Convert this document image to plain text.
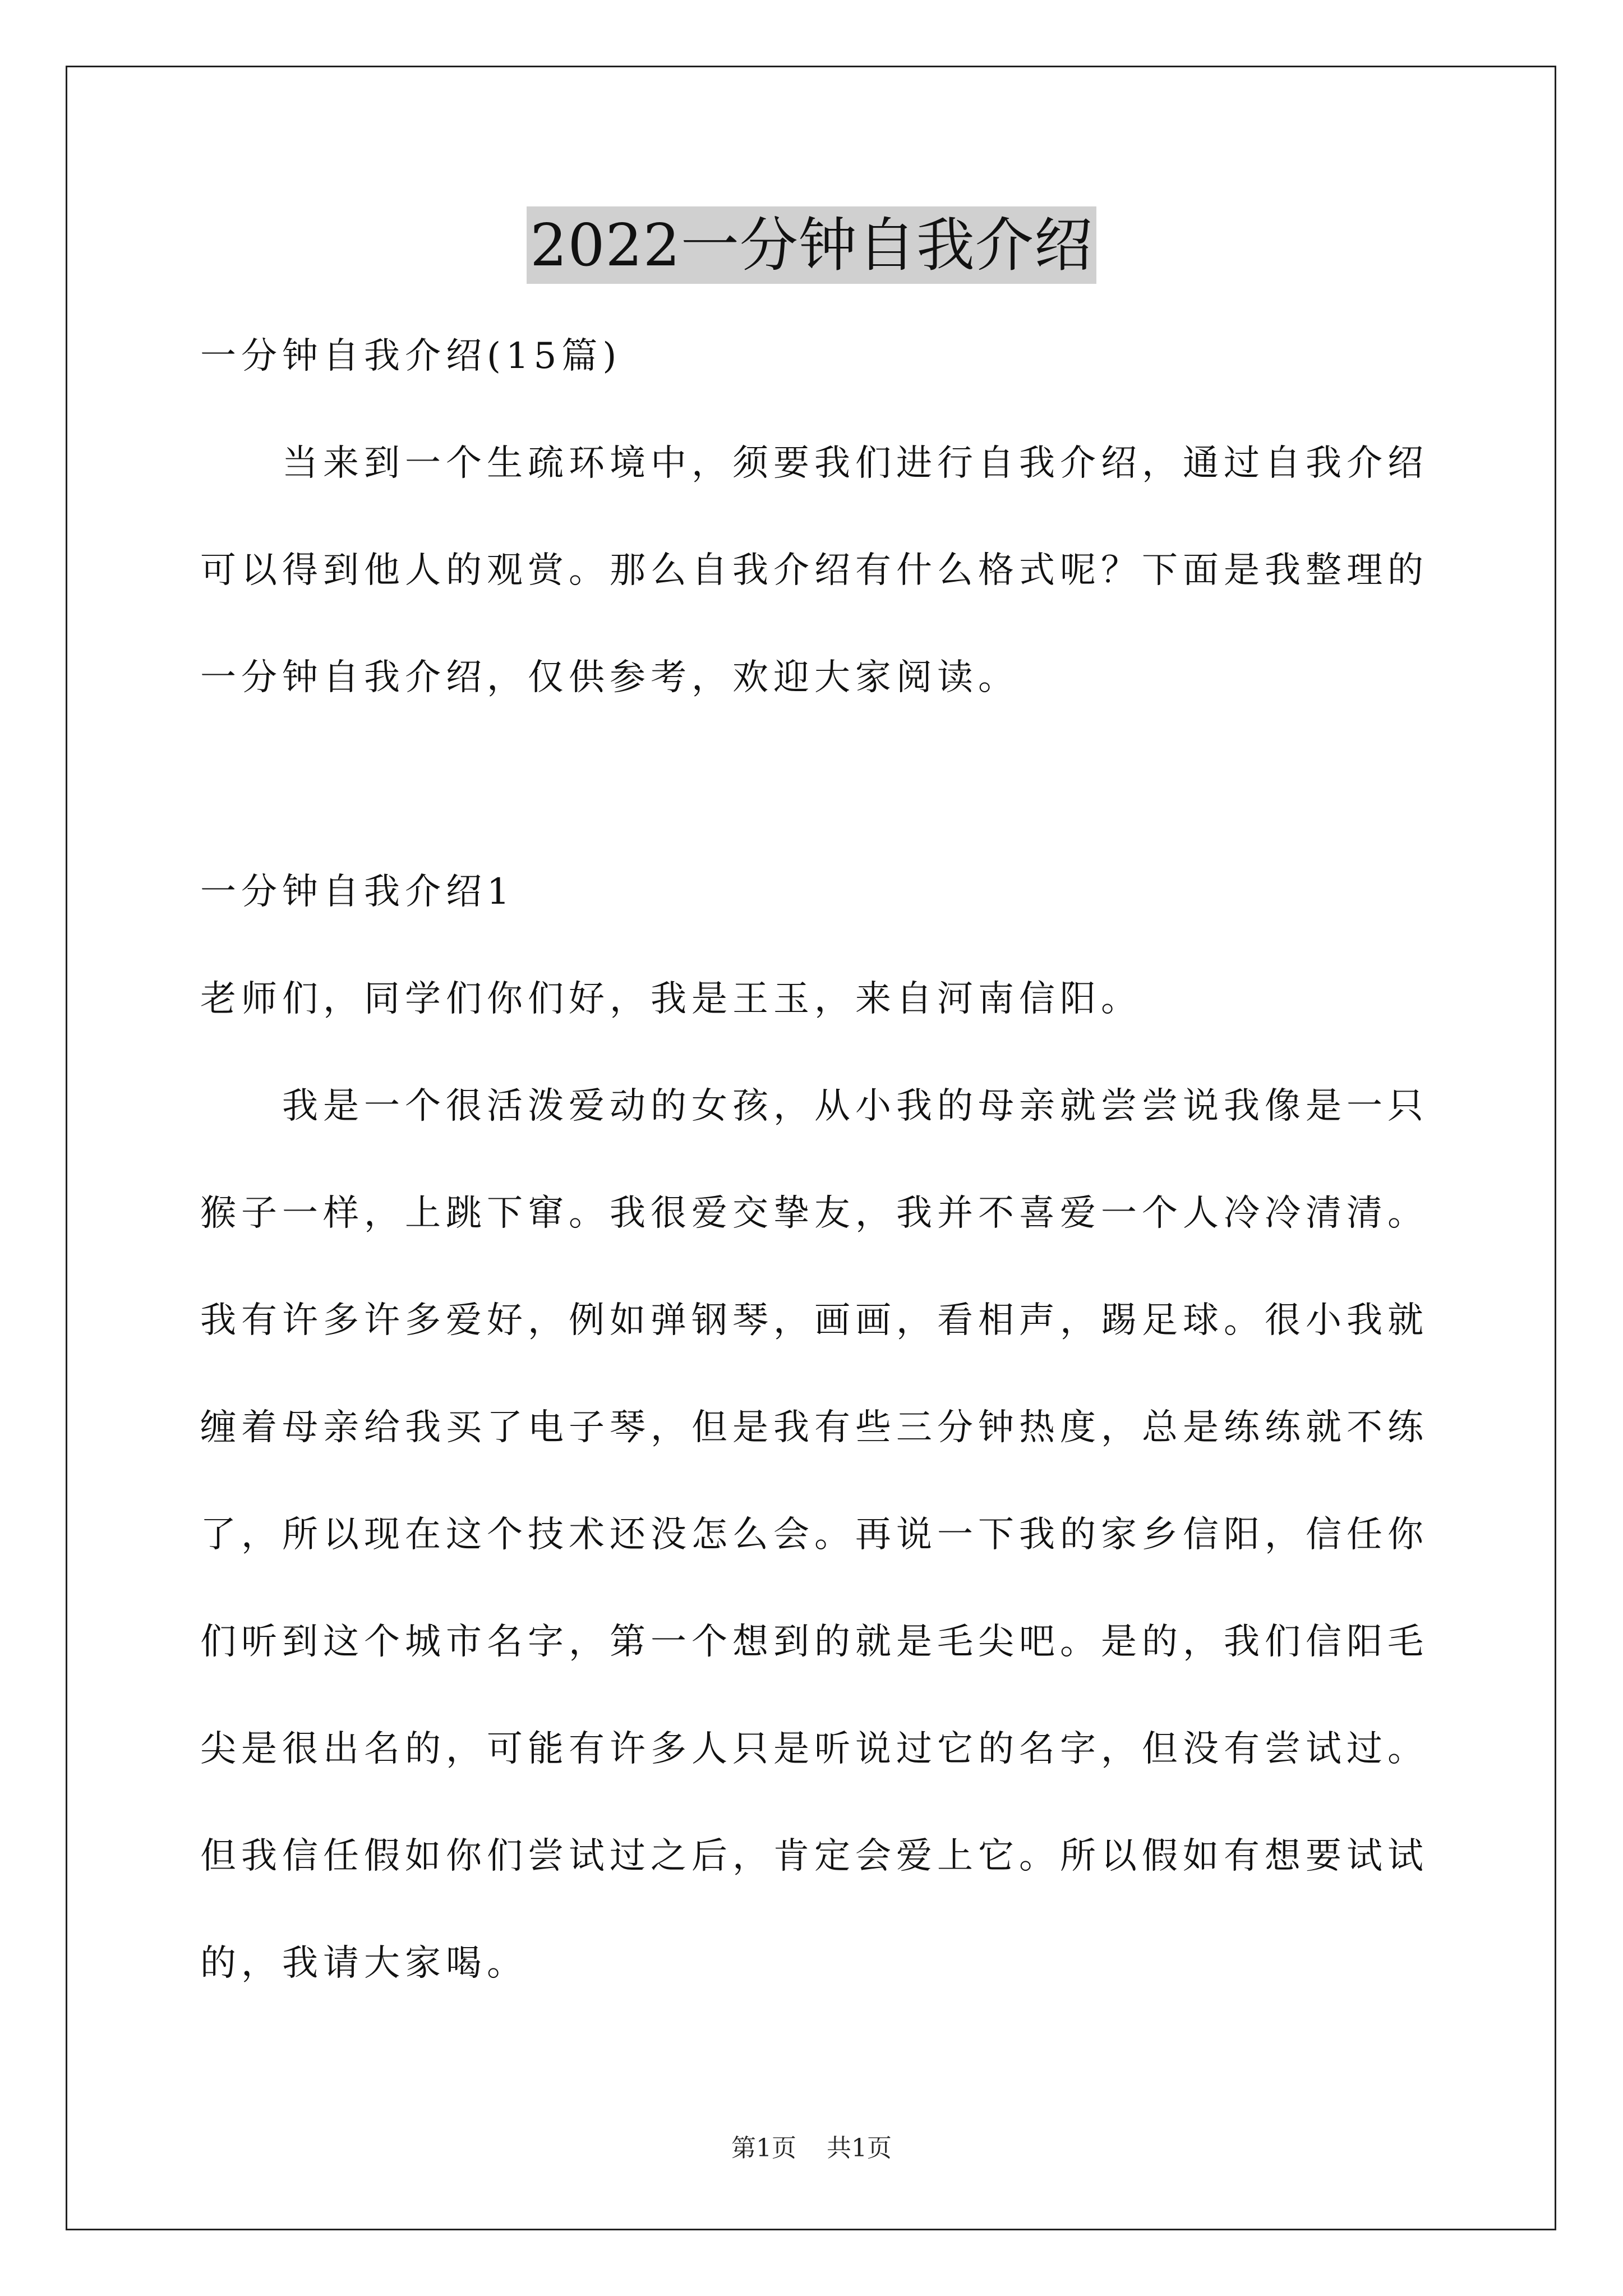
2022一分钟自我介绍

一分钟自我介绍(15篇)

当来到一个生疏环境中，须要我们进行自我介绍，通过自我介绍可以得到他人的观赏。那么自我介绍有什么格式呢？下面是我整理的一分钟自我介绍，仅供参考，欢迎大家阅读。

一分钟自我介绍1

老师们，同学们你们好，我是王玉，来自河南信阳。

我是一个很活泼爱动的女孩，从小我的母亲就尝尝说我像是一只猴子一样，上跳下窜。我很爱交挚友，我并不喜爱一个人冷冷清清。我有许多许多爱好，例如弹钢琴，画画，看相声，踢足球。很小我就缠着母亲给我买了电子琴，但是我有些三分钟热度，总是练练就不练了，所以现在这个技术还没怎么会。再说一下我的家乡信阳，信任你们听到这个城市名字，第一个想到的就是毛尖吧。是的，我们信阳毛尖是很出名的，可能有许多人只是听说过它的名字，但没有尝试过。但我信任假如你们尝试过之后，肯定会爱上它。所以假如有想要试试的，我请大家喝。

第1页 共1页
